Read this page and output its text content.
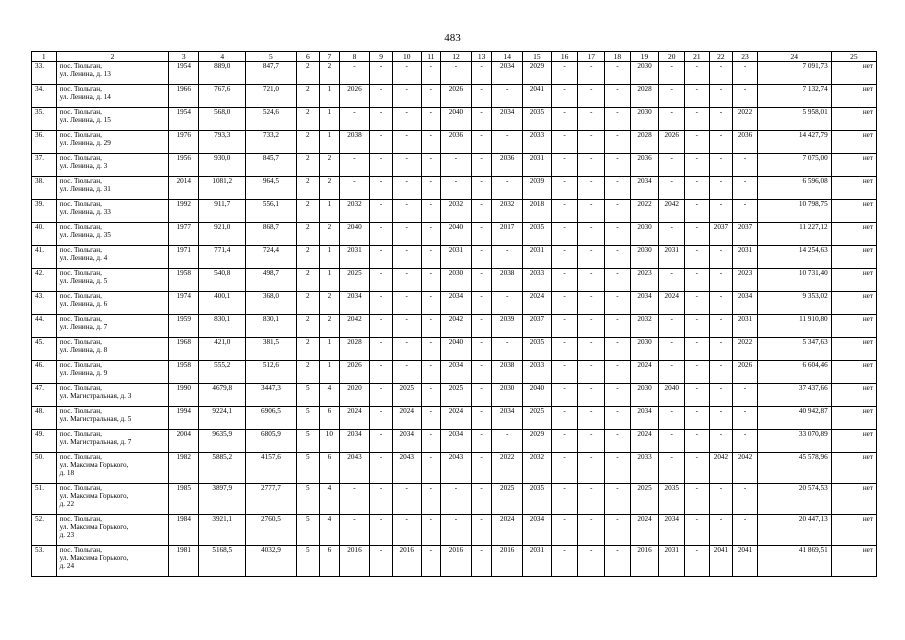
483
1	2	3	4	5	6	7	8	9	10	11	12	13	14	15	16	17	18	19	20	21	22	23	24	25
33.	пос. Тюльган,
ул. Ленина, д. 13	1954	889,0	847,7	2	2	-	-	-	-	-	-	2034	2029	-	-	-	2030	-	-	-	-	7 091,73	нет
34.	пос. Тюльган,
ул. Ленина, д. 14	1966	767,6	721,0	2	1	2026	-	-	-	2026	-	-	2041	-	-	-	2028	-	-	-	-	7 132,74	нет
35.	пос. Тюльган,
ул. Ленина, д. 15	1954	568,0	524,6	2	1	-	-	-	-	2040	-	2034	2035	-	-	-	2030	-	-	-	2022	5 958,01	нет
36.	пос. Тюльган,
ул. Ленина, д. 29	1976	793,3	733,2	2	1	2038	-	-	-	2036	-	-	2033	-	-	-	2028	2026	-	-	2036	14 427,79	нет
37.	пос. Тюльган,
ул. Ленина, д. 3	1956	930,0	845,7	2	2	-	-	-	-	-	-	2036	2031	-	-	-	2036	-	-	-	-	7 075,00	нет
38.	пос. Тюльган,
ул. Ленина, д. 31	2014	1081,2	964,5	2	2	-	-	-	-	-	-	-	2039	-	-	-	2034	-	-	-	-	6 596,08	нет
39.	пос. Тюльган,
ул. Ленина, д. 33	1992	911,7	556,1	2	1	2032	-	-	-	2032	-	2032	2018	-	-	-	2022	2042	-	-	-	10 798,75	нет
40.	пос. Тюльган,
ул. Ленина, д. 35	1977	921,0	868,7	2	2	2040	-	-	-	2040	-	2017	2035	-	-	-	2030	-	-	2037	2037	11 227,12	нет
41.	пос. Тюльган,
ул. Ленина, д. 4	1971	771,4	724,4	2	1	2031	-	-	-	2031	-	-	2031	-	-	-	2030	2031	-	-	2031	14 254,63	нет
42.	пос. Тюльган,
ул. Ленина, д. 5	1958	540,8	498,7	2	1	2025	-	-	-	2030	-	2038	2033	-	-	-	2023	-	-	-	2023	10 731,40	нет
43.	пос. Тюльган,
ул. Ленина, д. 6	1974	400,1	368,0	2	2	2034	-	-	-	2034	-	-	2024	-	-	-	2034	2024	-	-	2034	9 353,02	нет
44.	пос. Тюльган,
ул. Ленина, д. 7	1959	830,1	830,1	2	2	2042	-	-	-	2042	-	2039	2037	-	-	-	2032	-	-	-	2031	11 910,80	нет
45.	пос. Тюльган,
ул. Ленина, д. 8	1968	421,0	381,5	2	1	2028	-	-	-	2040	-	-	2035	-	-	-	2030	-	-	-	2022	5 347,63	нет
46.	пос. Тюльган,
ул. Ленина, д. 9	1958	555,2	512,6	2	1	2026	-	-	-	2034	-	2038	2033	-	-	-	2024	-	-	-	2026	6 604,46	нет
47.	пос. Тюльган,
ул. Магистральная, д. 3	1990	4679,8	3447,3	5	4	2020	-	2025	-	2025	-	2030	2040	-	-	-	2030	2040	-	-	-	37 437,66	нет
48.	пос. Тюльган,
ул. Магистральная, д. 5	1994	9224,1	6906,5	5	6	2024	-	2024	-	2024	-	2034	2025	-	-	-	2034	-	-	-	-	40 942,87	нет
49.	пос. Тюльган,
ул. Магистральная, д. 7	2004	9635,9	6805,9	5	10	2034	-	2034	-	2034	-	-	2029	-	-	-	2024	-	-	-	-	33 070,89	нет
50.	пос. Тюльган,
ул. Максима Горького,
д. 18	1982	5885,2	4157,6	5	6	2043	-	2043	-	2043	-	2022	2032	-	-	-	2033	-	-	2042	2042	45 578,96	нет
51.	пос. Тюльган,
ул. Максима Горького,
д. 22	1985	3897,9	2777,7	5	4	-	-	-	-	-	-	2025	2035	-	-	-	2025	2035	-	-	-	20 574,53	нет
52.	пос. Тюльган,
ул. Максима Горького,
д. 23	1984	3921,1	2760,5	5	4	-	-	-	-	-	-	2024	2034	-	-	-	2024	2034	-	-	-	20 447,13	нет
53.	пос. Тюльган,
ул. Максима Горького,
д. 24	1981	5168,5	4032,9	5	6	2016	-	2016	-	2016	-	2016	2031	-	-	-	2016	2031	-	2041	2041	41 869,51	нет
